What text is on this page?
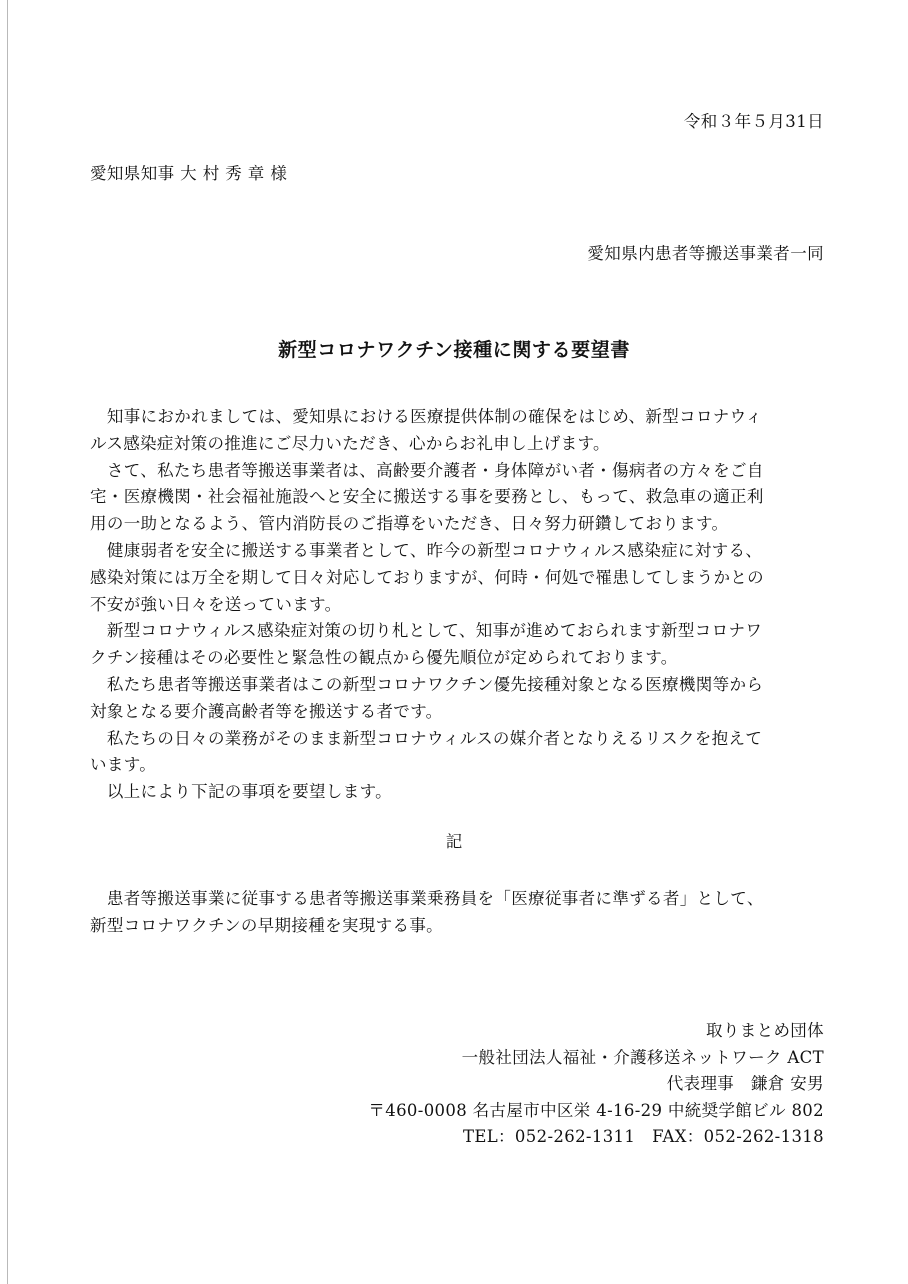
令和３年５月31日
愛知県知事 大 村 秀 章 様
愛知県内患者等搬送事業者一同
新型コロナワクチン接種に関する要望書
　知事におかれましては、愛知県における医療提供体制の確保をはじめ、新型コロナウィ
ルス感染症対策の推進にご尽力いただき、心からお礼申し上げます。
　さて、私たち患者等搬送事業者は、高齢要介護者・身体障がい者・傷病者の方々をご自
宅・医療機関・社会福祉施設へと安全に搬送する事を要務とし、もって、救急車の適正利
用の一助となるよう、管内消防長のご指導をいただき、日々努力研鑽しております。
　健康弱者を安全に搬送する事業者として、昨今の新型コロナウィルス感染症に対する、
感染対策には万全を期して日々対応しておりますが、何時・何処で罹患してしまうかとの
不安が強い日々を送っています。
　新型コロナウィルス感染症対策の切り札として、知事が進めておられます新型コロナワ
クチン接種はその必要性と緊急性の観点から優先順位が定められております。
　私たち患者等搬送事業者はこの新型コロナワクチン優先接種対象となる医療機関等から
対象となる要介護高齢者等を搬送する者です。
　私たちの日々の業務がそのまま新型コロナウィルスの媒介者となりえるリスクを抱えて
います。
　以上により下記の事項を要望します。
記
　患者等搬送事業に従事する患者等搬送事業乗務員を「医療従事者に準ずる者」として、
新型コロナワクチンの早期接種を実現する事。
取りまとめ団体
一般社団法人福祉・介護移送ネットワーク ACT
代表理事　鎌倉 安男
〒460-0008 名古屋市中区栄 4-16-29 中統奨学館ビル 802
TEL：052-262-1311　FAX：052-262-1318
